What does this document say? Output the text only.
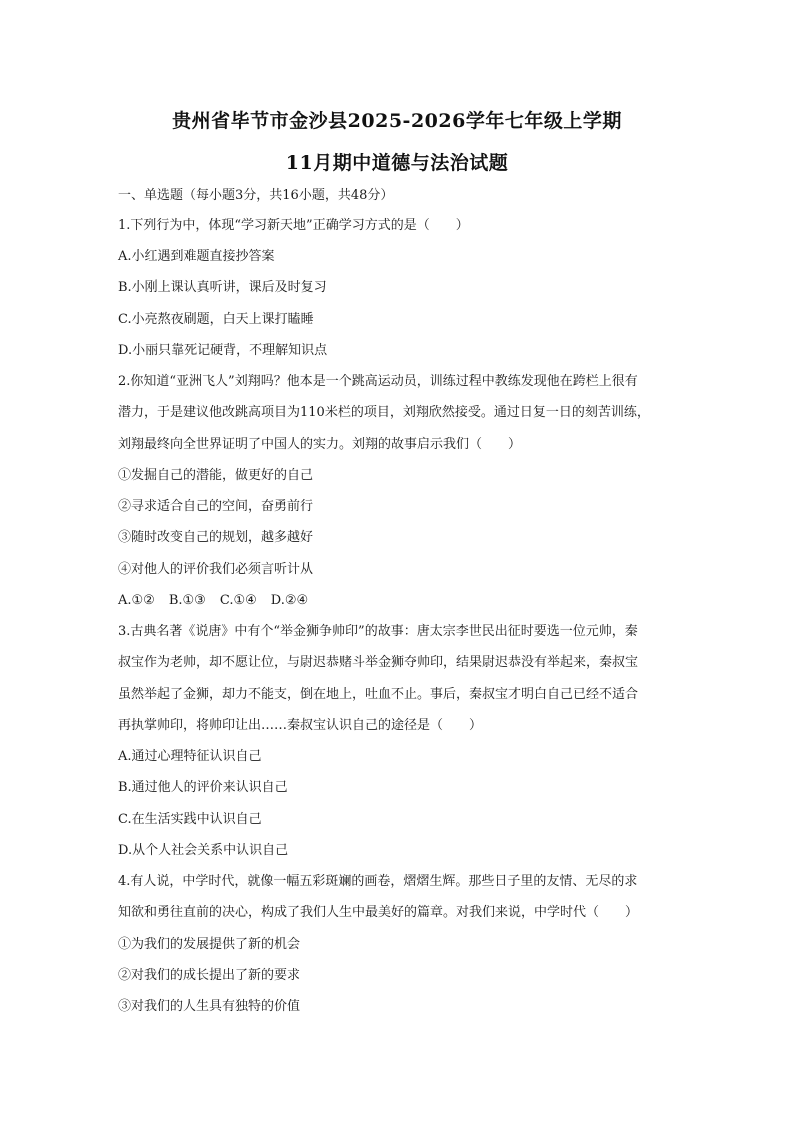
贵州省毕节市金沙县2025-2026学年七年级上学期
11月期中道德与法治试题
一、单选题（每小题3分，共16小题，共48分）
1.下列行为中，体现“学习新天地”正确学习方式的是（　　）
A.小红遇到难题直接抄答案
B.小刚上课认真听讲，课后及时复习
C.小亮熬夜刷题，白天上课打瞌睡
D.小丽只靠死记硬背，不理解知识点
2.你知道“亚洲飞人”刘翔吗？他本是一个跳高运动员，训练过程中教练发现他在跨栏上很有
潜力，于是建议他改跳高项目为110米栏的项目，刘翔欣然接受。通过日复一日的刻苦训练，
刘翔最终向全世界证明了中国人的实力。刘翔的故事启示我们（　　）
①发掘自己的潜能，做更好的自己
②寻求适合自己的空间，奋勇前行
③随时改变自己的规划，越多越好
④对他人的评价我们必须言听计从
A.①② B.①③ C.①④ D.②④
3.古典名著《说唐》中有个“举金狮争帅印”的故事：唐太宗李世民出征时要选一位元帅，秦
叔宝作为老帅，却不愿让位，与尉迟恭赌斗举金狮夺帅印，结果尉迟恭没有举起来，秦叔宝
虽然举起了金狮，却力不能支，倒在地上，吐血不止。事后，秦叔宝才明白自己已经不适合
再执掌帅印，将帅印让出……秦叔宝认识自己的途径是（　　）
A.通过心理特征认识自己
B.通过他人的评价来认识自己
C.在生活实践中认识自己
D.从个人社会关系中认识自己
4.有人说，中学时代，就像一幅五彩斑斓的画卷，熠熠生辉。那些日子里的友情、无尽的求
知欲和勇往直前的决心，构成了我们人生中最美好的篇章。对我们来说，中学时代（　　）
①为我们的发展提供了新的机会
②对我们的成长提出了新的要求
③对我们的人生具有独特的价值
